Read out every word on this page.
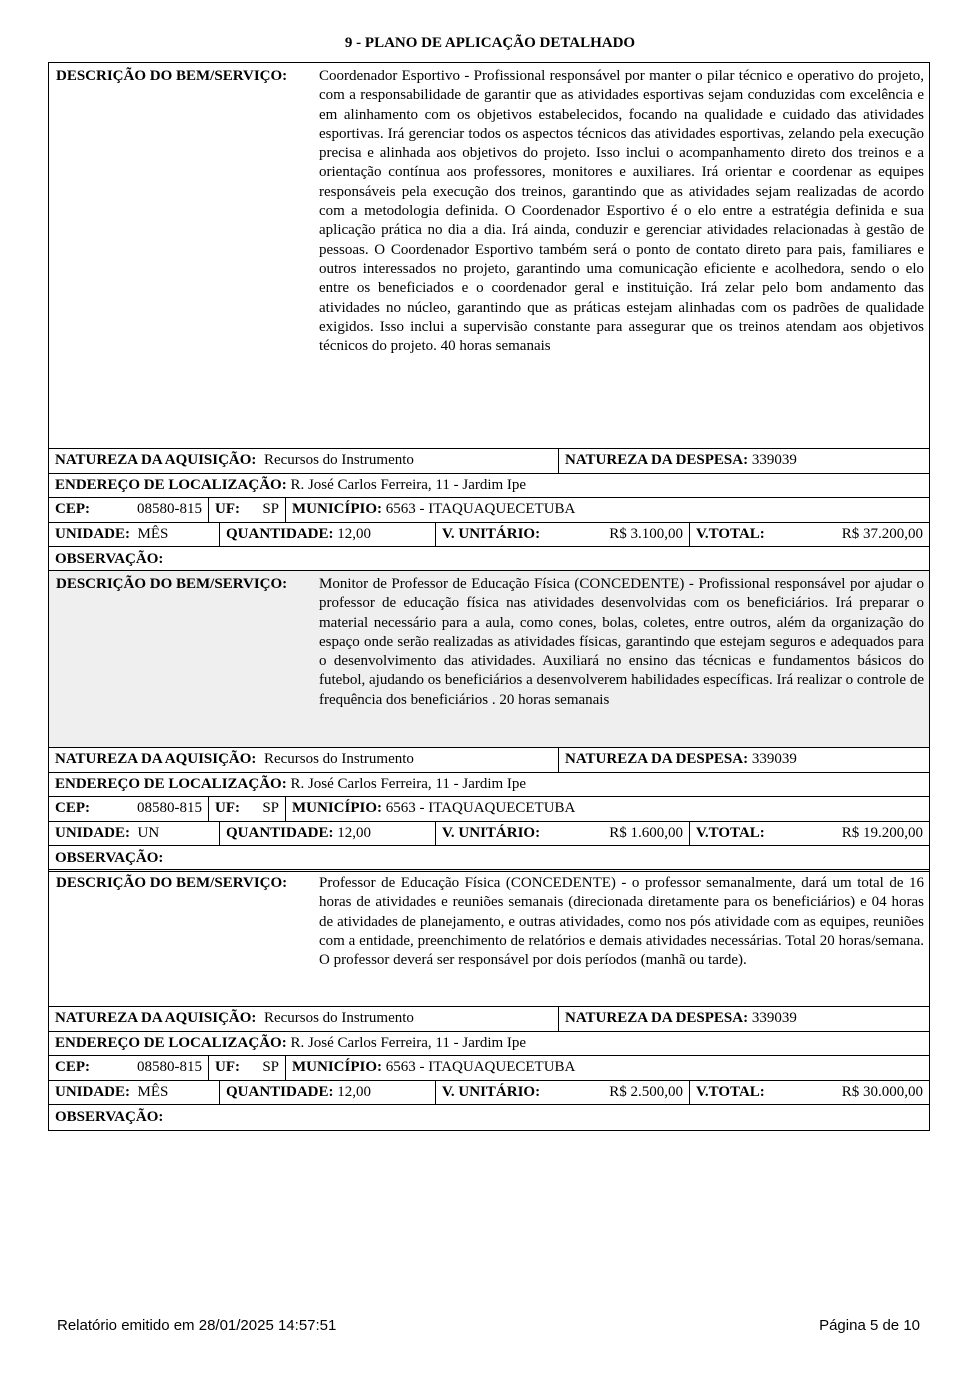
9 - PLANO DE APLICAÇÃO DETALHADO
DESCRIÇÃO DO BEM/SERVIÇO:	Coordenador Esportivo - Profissional responsável por manter o pilar técnico e operativo do projeto, com a responsabilidade de garantir que as atividades esportivas sejam conduzidas com excelência e em alinhamento com os objetivos estabelecidos, focando na qualidade e cuidado das atividades esportivas. Irá gerenciar todos os aspectos técnicos das atividades esportivas, zelando pela execução precisa e alinhada aos objetivos do projeto. Isso inclui o acompanhamento direto dos treinos e a orientação contínua aos professores, monitores e auxiliares. Irá orientar e coordenar as equipes responsáveis pela execução dos treinos, garantindo que as atividades sejam realizadas de acordo com a metodologia definida. O Coordenador Esportivo é o elo entre a estratégia definida e sua aplicação prática no dia a dia. Irá ainda, conduzir e gerenciar atividades relacionadas à gestão de pessoas. O Coordenador Esportivo também será o ponto de contato direto para pais, familiares e outros interessados no projeto, garantindo uma comunicação eficiente e acolhedora, sendo o elo entre os beneficiados e o coordenador geral e instituição. Irá zelar pelo bom andamento das atividades no núcleo, garantindo que as práticas estejam alinhadas com os padrões de qualidade exigidos. Isso inclui a supervisão constante para assegurar que os treinos atendam aos objetivos técnicos do projeto. 40 horas semanais
NATUREZA DA AQUISIÇÃO:
Recursos do Instrumento	NATUREZA DA DESPESA:
339039
ENDEREÇO DE LOCALIZAÇÃO:
R. José Carlos Ferreira, 11 - Jardim Ipe
CEP:	08580-815 UF: SP MUNICÍPIO:
6563 - ITAQUAQUECETUBA
UNIDADE:
MÊS	QUANTIDADE:
12,00	V. UNITÁRIO:	R$ 3.100,00 V.TOTAL:	R$ 37.200,00
OBSERVAÇÃO:

DESCRIÇÃO DO BEM/SERVIÇO:	Monitor de Professor de Educação Física (CONCEDENTE) - Profissional responsável por ajudar o professor de educação física nas atividades desenvolvidas com os beneficiários. Irá preparar o material necessário para a aula, como cones, bolas, coletes, entre outros, além da organização do espaço onde serão realizadas as atividades físicas, garantindo que estejam seguros e adequados para o desenvolvimento das atividades. Auxiliará no ensino das técnicas e fundamentos básicos do futebol, ajudando os beneficiários a desenvolverem habilidades específicas. Irá realizar o controle de frequência dos beneficiários . 20 horas semanais
NATUREZA DA AQUISIÇÃO:
Recursos do Instrumento	NATUREZA DA DESPESA:
339039
ENDEREÇO DE LOCALIZAÇÃO:
R. José Carlos Ferreira, 11 - Jardim Ipe
CEP:	08580-815 UF: SP MUNICÍPIO:
6563 - ITAQUAQUECETUBA
UNIDADE:
UN	QUANTIDADE:
12,00	V. UNITÁRIO:	R$ 1.600,00 V.TOTAL:	R$ 19.200,00
OBSERVAÇÃO:

DESCRIÇÃO DO BEM/SERVIÇO:	Professor de Educação Física (CONCEDENTE) - o professor semanalmente, dará um total de 16 horas de atividades e reuniões semanais (direcionada diretamente para os beneficiários) e 04 horas de atividades de planejamento, e outras atividades, como nos pós atividade com as equipes, reuniões com a entidade, preenchimento de relatórios e demais atividades necessárias. Total 20 horas/semana. O professor deverá ser responsável por dois períodos (manhã ou tarde).
NATUREZA DA AQUISIÇÃO:
Recursos do Instrumento	NATUREZA DA DESPESA:
339039
ENDEREÇO DE LOCALIZAÇÃO:
R. José Carlos Ferreira, 11 - Jardim Ipe
CEP:	08580-815 UF: SP MUNICÍPIO:
6563 - ITAQUAQUECETUBA
UNIDADE:
MÊS	QUANTIDADE:
12,00	V. UNITÁRIO:	R$ 2.500,00 V.TOTAL:	R$ 30.000,00
OBSERVAÇÃO:

Relatório emitido em 28/01/2025 14:57:51	Página 5 de 10
